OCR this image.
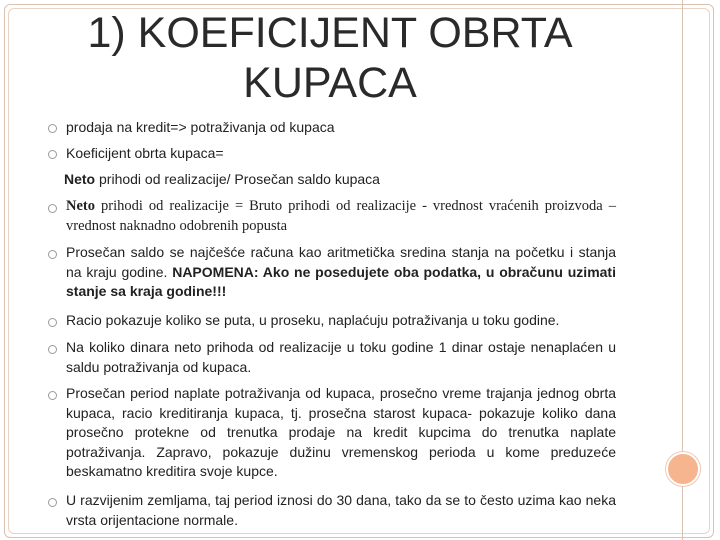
1) KOEFICIJENT OBRTA
KUPACA

prodaja na kredit=> potraživanja od kupaca

Koeficijent obrta kupaca=

Neto prihodi od realizacije/ Prosečan saldo kupaca

Neto prihodi od realizacije = Bruto prihodi od realizacije - vrednost vraćenih proizvoda – vrednost naknadno odobrenih popusta

Prosečan saldo se najčešće računa kao aritmetička sredina stanja na početku i stanja na kraju godine. NAPOMENA: Ako ne posedujete oba podatka, u obračunu uzimati stanje sa kraja godine!!!

Racio pokazuje koliko se puta, u proseku, naplaćuju potraživanja u toku godine.

Na koliko dinara neto prihoda od realizacije u toku godine 1 dinar ostaje nenaplaćen u saldu potraživanja od kupaca.

Prosečan period naplate potraživanja od kupaca, prosečno vreme trajanja jednog obrta kupaca, racio kreditiranja kupaca, tj. prosečna starost kupaca- pokazuje koliko dana prosečno protekne od trenutka prodaje na kredit kupcima do trenutka naplate potraživanja. Zapravo, pokazuje dužinu vremenskog perioda u kome preduzeće beskamatno kreditira svoje kupce.

U razvijenim zemljama, taj period iznosi do 30 dana, tako da se to često uzima kao neka vrsta orijentacione normale.
